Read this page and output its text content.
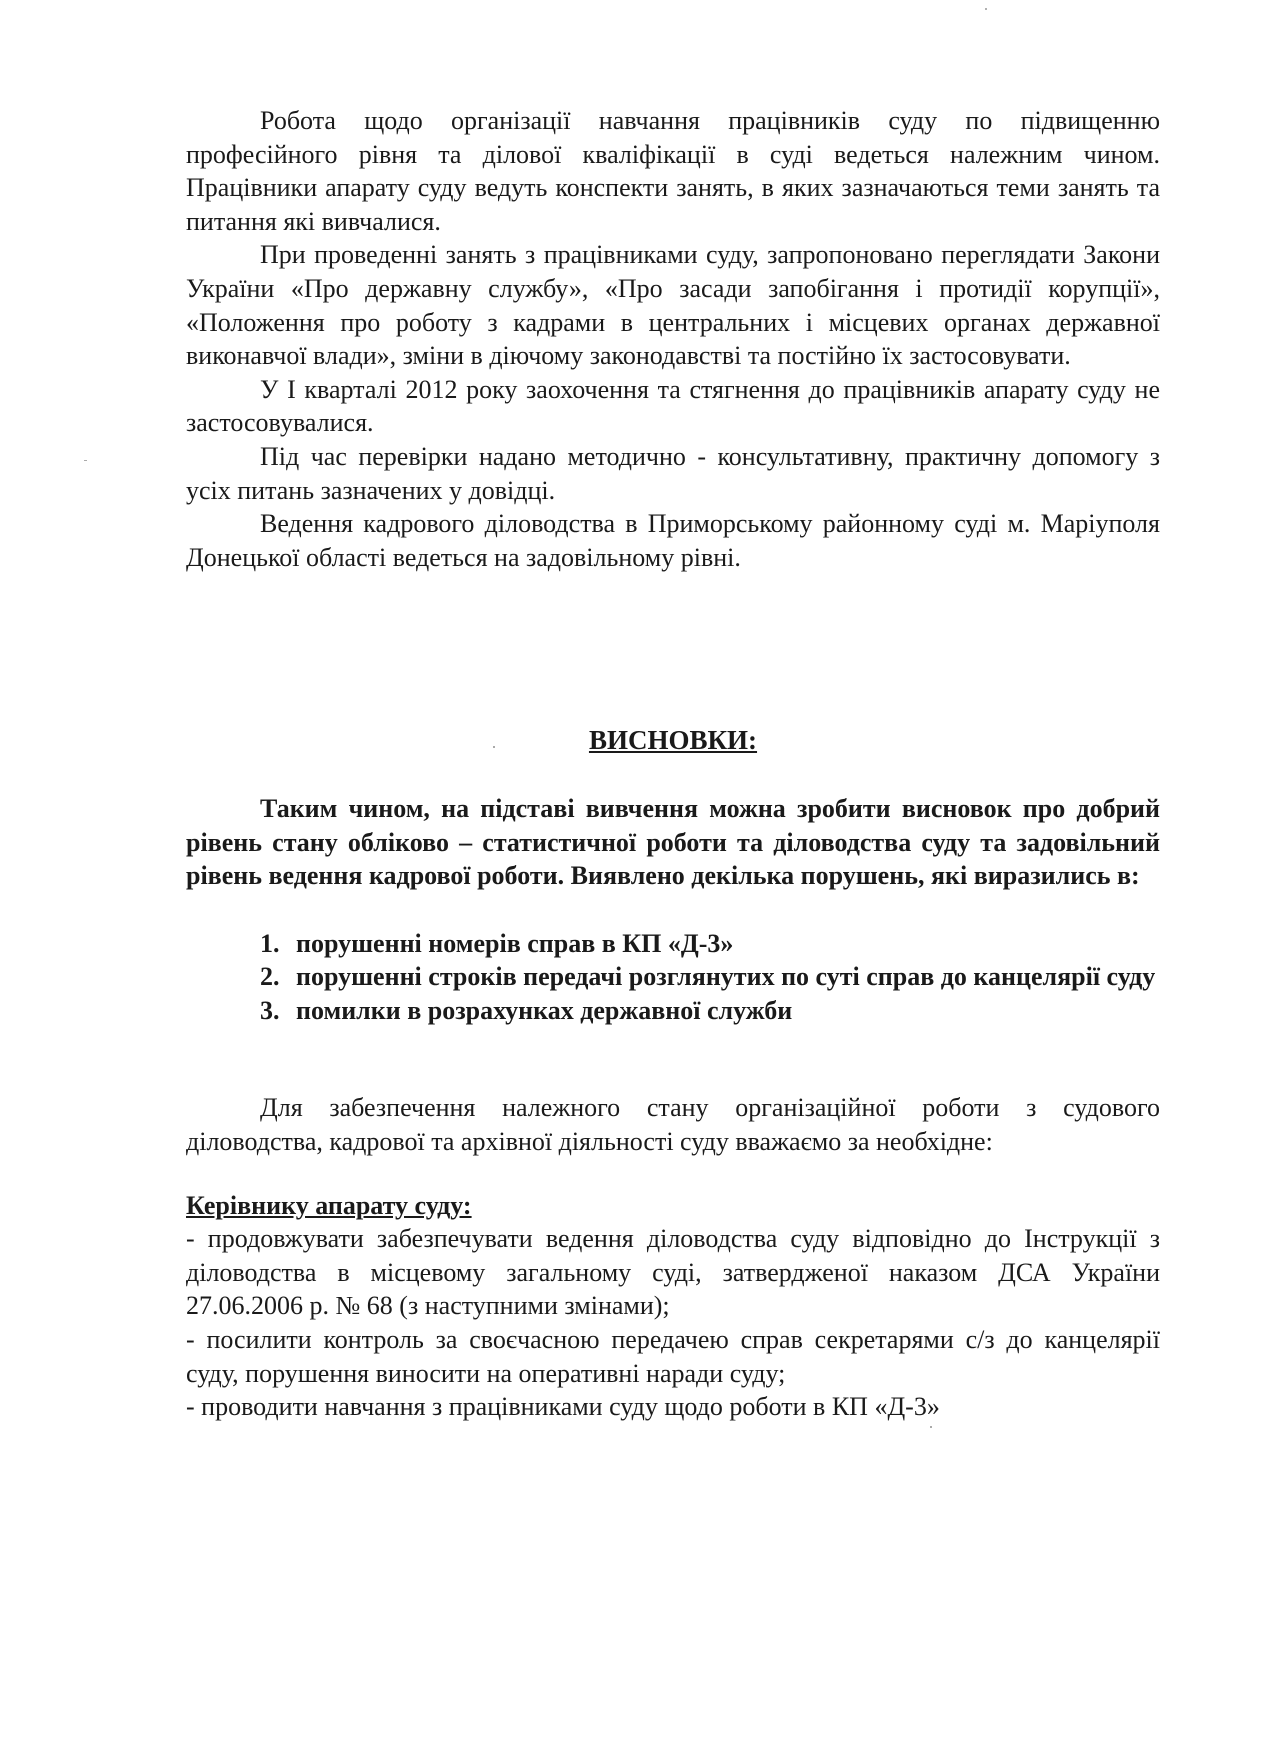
Робота щодо організації навчання працівників суду по підвищенню професійного рівня та ділової кваліфікації в суді ведеться належним чином. Працівники апарату суду ведуть конспекти занять, в яких зазначаються теми занять та питання які вивчалися.

При проведенні занять з працівниками суду, запропоновано переглядати Закони України «Про державну службу», «Про засади запобігання і протидії корупції», «Положення про роботу з кадрами в центральних і місцевих органах державної виконавчої влади», зміни в діючому законодавстві та постійно їх застосовувати.

У І кварталі 2012 року заохочення та стягнення до працівників апарату суду не застосовувалися.

Під час перевірки надано методично - консультативну, практичну допомогу з усіх питань зазначених у довідці.

Ведення кадрового діловодства в Приморському районному суді м. Маріуполя Донецької області ведеться на задовільному рівні.

ВИСНОВКИ:

Таким чином, на підставі вивчення можна зробити висновок про добрий рівень стану обліково – статистичної роботи та діловодства суду та задовільний рівень ведення кадрової роботи. Виявлено декілька порушень, які виразились в:

1. порушенні номерів справ в КП «Д-3»
2. порушенні строків передачі розглянутих по суті справ до канцелярії суду
3. помилки в розрахунках державної служби

Для забезпечення належного стану організаційної роботи з судового діловодства, кадрової та архівної діяльності суду вважаємо за необхідне:

Керівнику апарату суду:

- продовжувати забезпечувати ведення діловодства суду відповідно до Інструкції з діловодства в місцевому загальному суді, затвердженої наказом ДСА України 27.06.2006 р. № 68 (з наступними змінами);

- посилити контроль за своєчасною передачею справ секретарями с/з до канцелярії суду, порушення виносити на оперативні наради суду;

- проводити навчання з працівниками суду щодо роботи в КП «Д-3»
